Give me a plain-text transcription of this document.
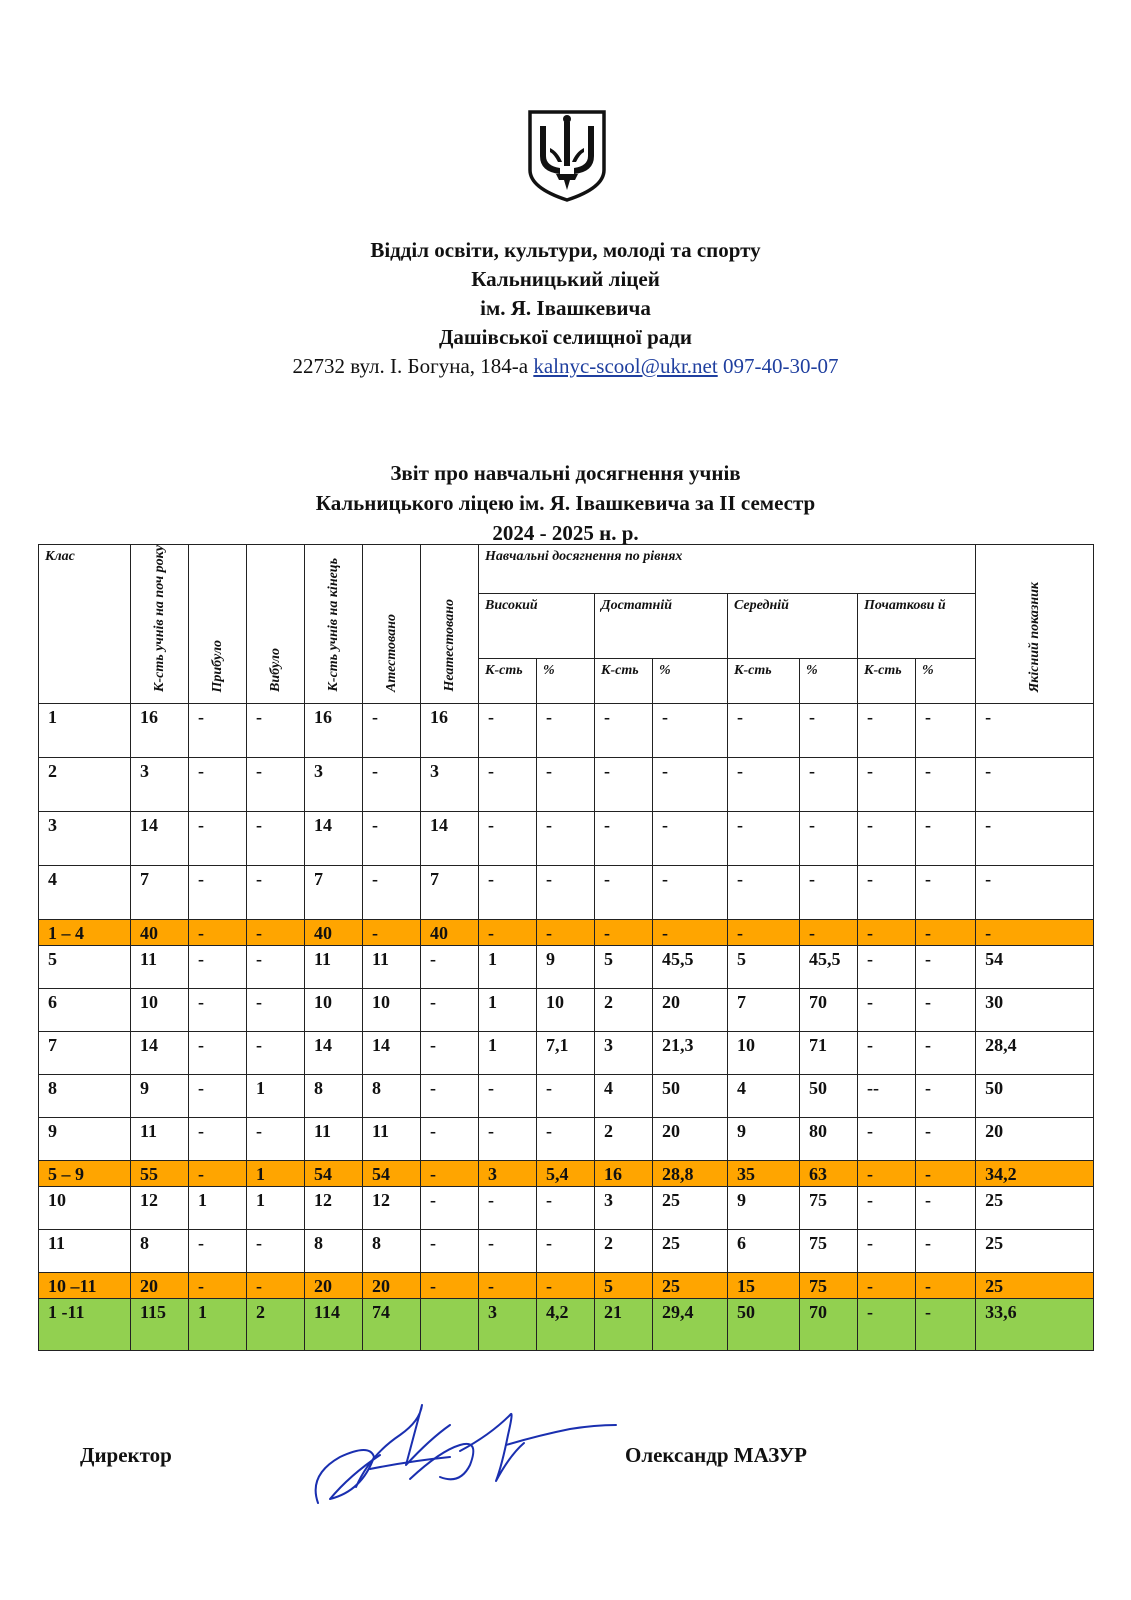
Відділ освіти, культури, молоді та спорту
Кальницький ліцей
ім. Я. Івашкевича
Дашівської селищної ради
22732 вул. І. Богуна, 184-а kalnyc-scool@ukr.net 097-40-30-07
Звіт про навчальні досягнення учнів
Кальницького ліцею ім. Я. Івашкевича за ІІ семестр
2024 - 2025 н. р.
Клас	К-сть учнів на поч року	Прибуло	Вибуло	К-сть учнів на кінець	Атестовано	Неатестовано	Навчальні досягнення по рівнях								Якісний показник
							Високий		Достатній		Середній		Початкови й		
							К-сть	%	К-сть	%	К-сть	%	К-сть	%	
1	16	-	-	16	-	16	-	-	-	-	-	-	-	-	-
2	3	-	-	3	-	3	-	-	-	-	-	-	-	-	-
3	14	-	-	14	-	14	-	-	-	-	-	-	-	-	-
4	7	-	-	7	-	7	-	-	-	-	-	-	-	-	-
1 – 4	40	-	-	40	-	40	-	-	-	-	-	-	-	-	-
5	11	-	-	11	11	-	1	9	5	45,5	5	45,5	-	-	54
6	10	-	-	10	10	-	1	10	2	20	7	70	-	-	30
7	14	-	-	14	14	-	1	7,1	3	21,3	10	71	-	-	28,4
8	9	-	1	8	8	-	-	-	4	50	4	50	--	-	50
9	11	-	-	11	11	-	-	-	2	20	9	80	-	-	20
5 – 9	55	-	1	54	54	-	3	5,4	16	28,8	35	63	-	-	34,2
10	12	1	1	12	12	-	-	-	3	25	9	75	-	-	25
11	8	-	-	8	8	-	-	-	2	25	6	75	-	-	25
10 –11	20	-	-	20	20	-	-	-	5	25	15	75	-	-	25
1 -11	115	1	2	114	74		3	4,2	21	29,4	50	70	-	-	33,6
Директор	Олександр МАЗУР
